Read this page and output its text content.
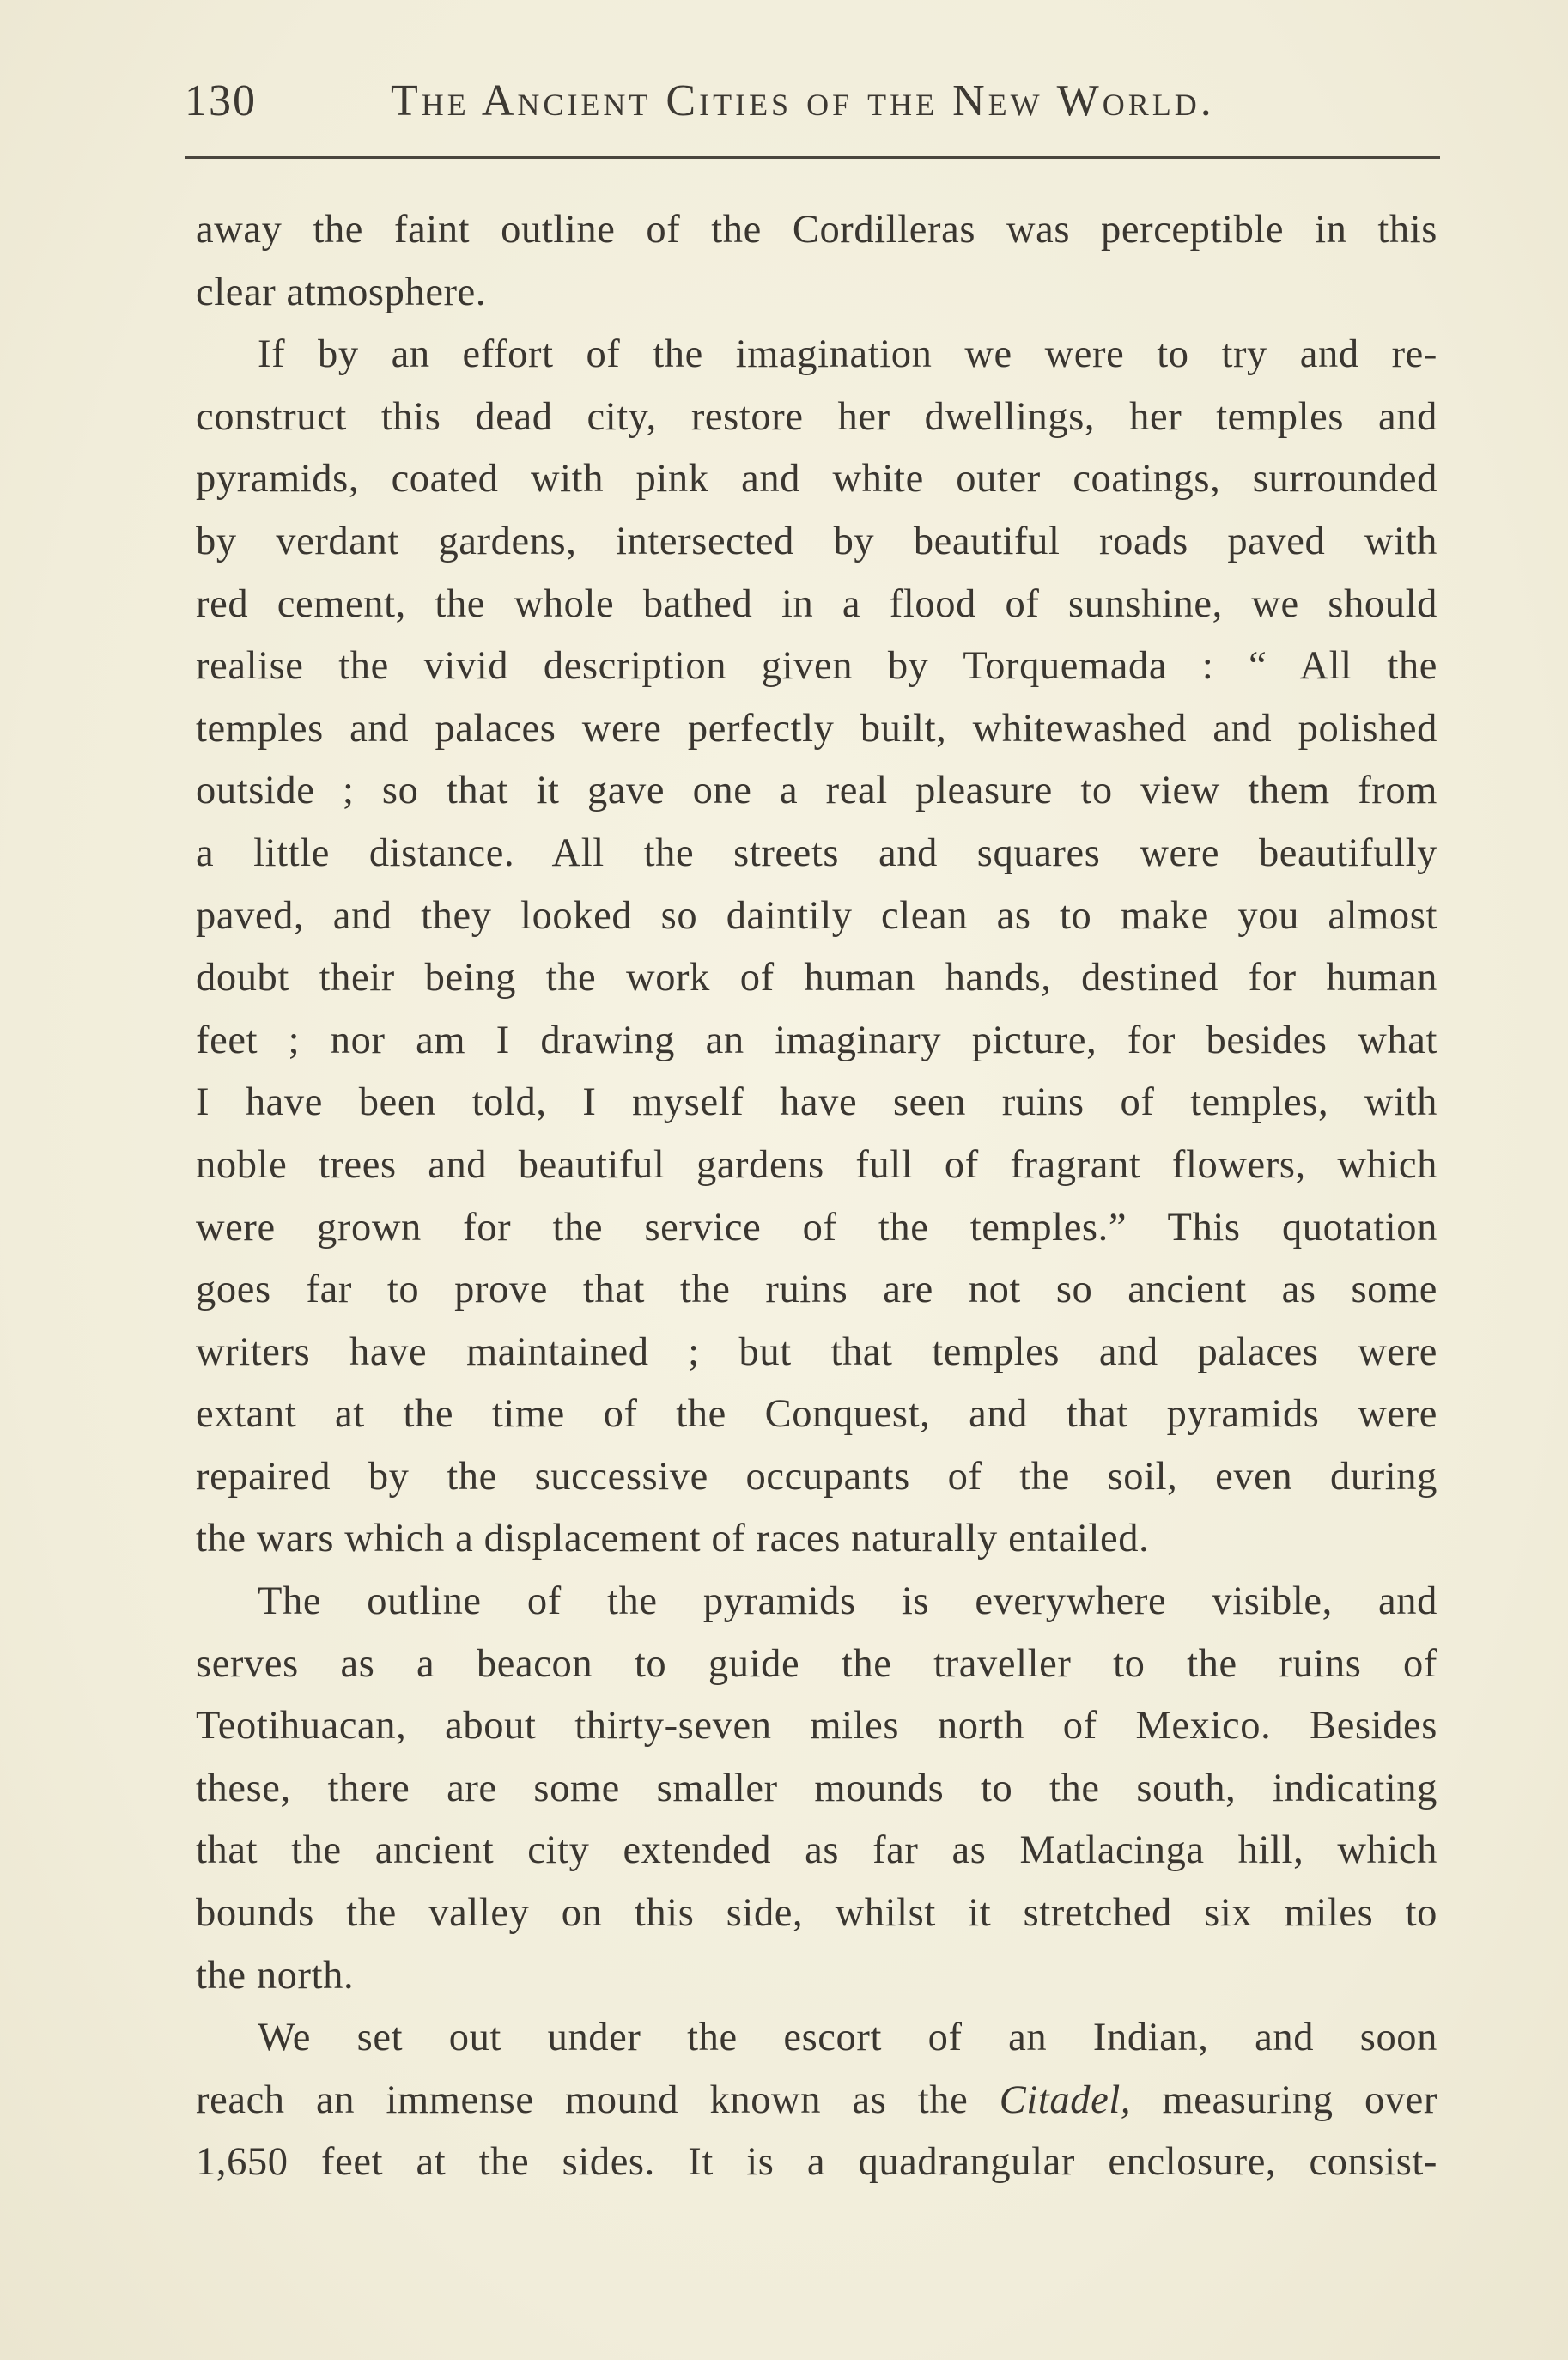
130	The Ancient Cities of the New World.
away the faint outline of the Cordilleras was perceptible in this
clear atmosphere.
If by an effort of the imagination we were to try and re-
construct this dead city, restore her dwellings, her temples and
pyramids, coated with pink and white outer coatings, surrounded
by verdant gardens, intersected by beautiful roads paved with
red cement, the whole bathed in a flood of sunshine, we should
realise the vivid description given by Torquemada : “ All the
temples and palaces were perfectly built, whitewashed and polished
outside ; so that it gave one a real pleasure to view them from
a little distance. All the streets and squares were beautifully
paved, and they looked so daintily clean as to make you almost
doubt their being the work of human hands, destined for human
feet ; nor am I drawing an imaginary picture, for besides what
I have been told, I myself have seen ruins of temples, with
noble trees and beautiful gardens full of fragrant flowers, which
were grown for the service of the temples.” This quotation
goes far to prove that the ruins are not so ancient as some
writers have maintained ; but that temples and palaces were
extant at the time of the Conquest, and that pyramids were
repaired by the successive occupants of the soil, even during
the wars which a displacement of races naturally entailed.
The outline of the pyramids is everywhere visible, and
serves as a beacon to guide the traveller to the ruins of
Teotihuacan, about thirty-seven miles north of Mexico. Besides
these, there are some smaller mounds to the south, indicating
that the ancient city extended as far as Matlacinga hill, which
bounds the valley on this side, whilst it stretched six miles to
the north.
We set out under the escort of an Indian, and soon
reach an immense mound known as the Citadel, measuring over
1,650 feet at the sides. It is a quadrangular enclosure, consist-
